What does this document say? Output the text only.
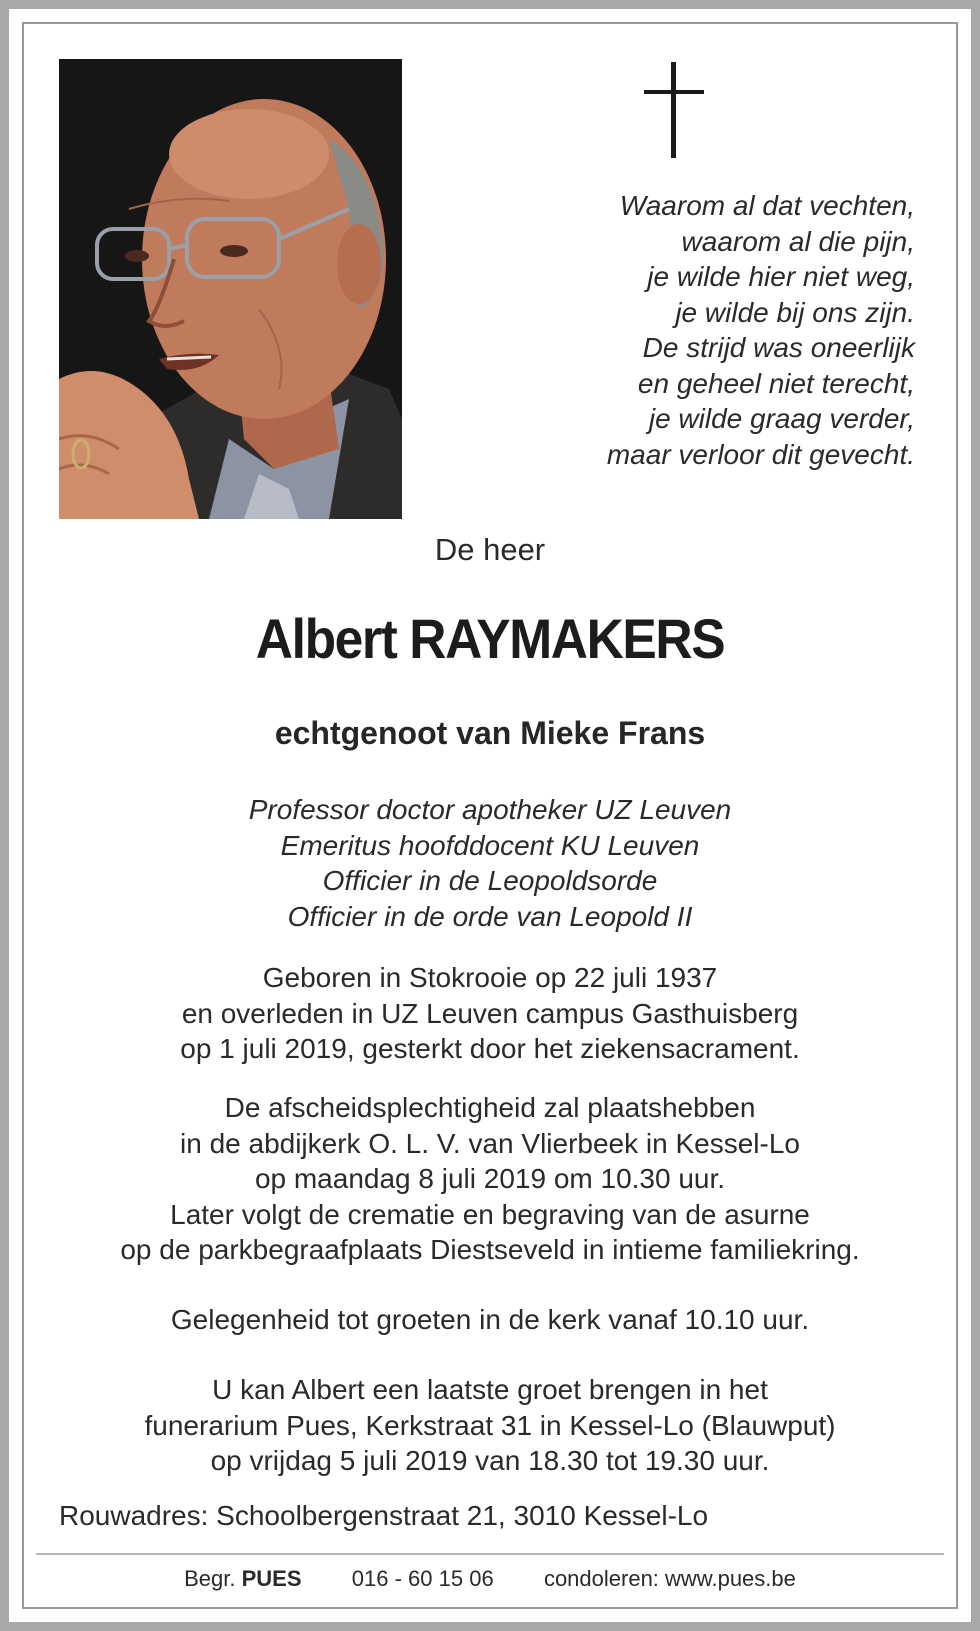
Waarom al dat vechten,
waarom al die pijn,
je wilde hier niet weg,
je wilde bij ons zijn.
De strijd was oneerlijk
en geheel niet terecht,
je wilde graag verder,
maar verloor dit gevecht.
De heer
Albert RAYMAKERS
echtgenoot van Mieke Frans
Professor doctor apotheker UZ Leuven
Emeritus hoofddocent KU Leuven
Officier in de Leopoldsorde
Officier in de orde van Leopold II
Geboren in Stokrooie op 22 juli 1937
en overleden in UZ Leuven campus Gasthuisberg
op 1 juli 2019, gesterkt door het ziekensacrament.
De afscheidsplechtigheid zal plaatshebben
in de abdijkerk O. L. V. van Vlierbeek in Kessel-Lo
op maandag 8 juli 2019 om 10.30 uur.
Later volgt de crematie en begraving van de asurne
op de parkbegraafplaats Diestseveld in intieme familiekring.
Gelegenheid tot groeten in de kerk vanaf 10.10 uur.
U kan Albert een laatste groet brengen in het
funerarium Pues, Kerkstraat 31 in Kessel-Lo (Blauwput)
op vrijdag 5 juli 2019 van 18.30 tot 19.30 uur.
Rouwadres: Schoolbergenstraat 21, 3010 Kessel-Lo
Begr. PUES 016 - 60 15 06 condoleren: www.pues.be
